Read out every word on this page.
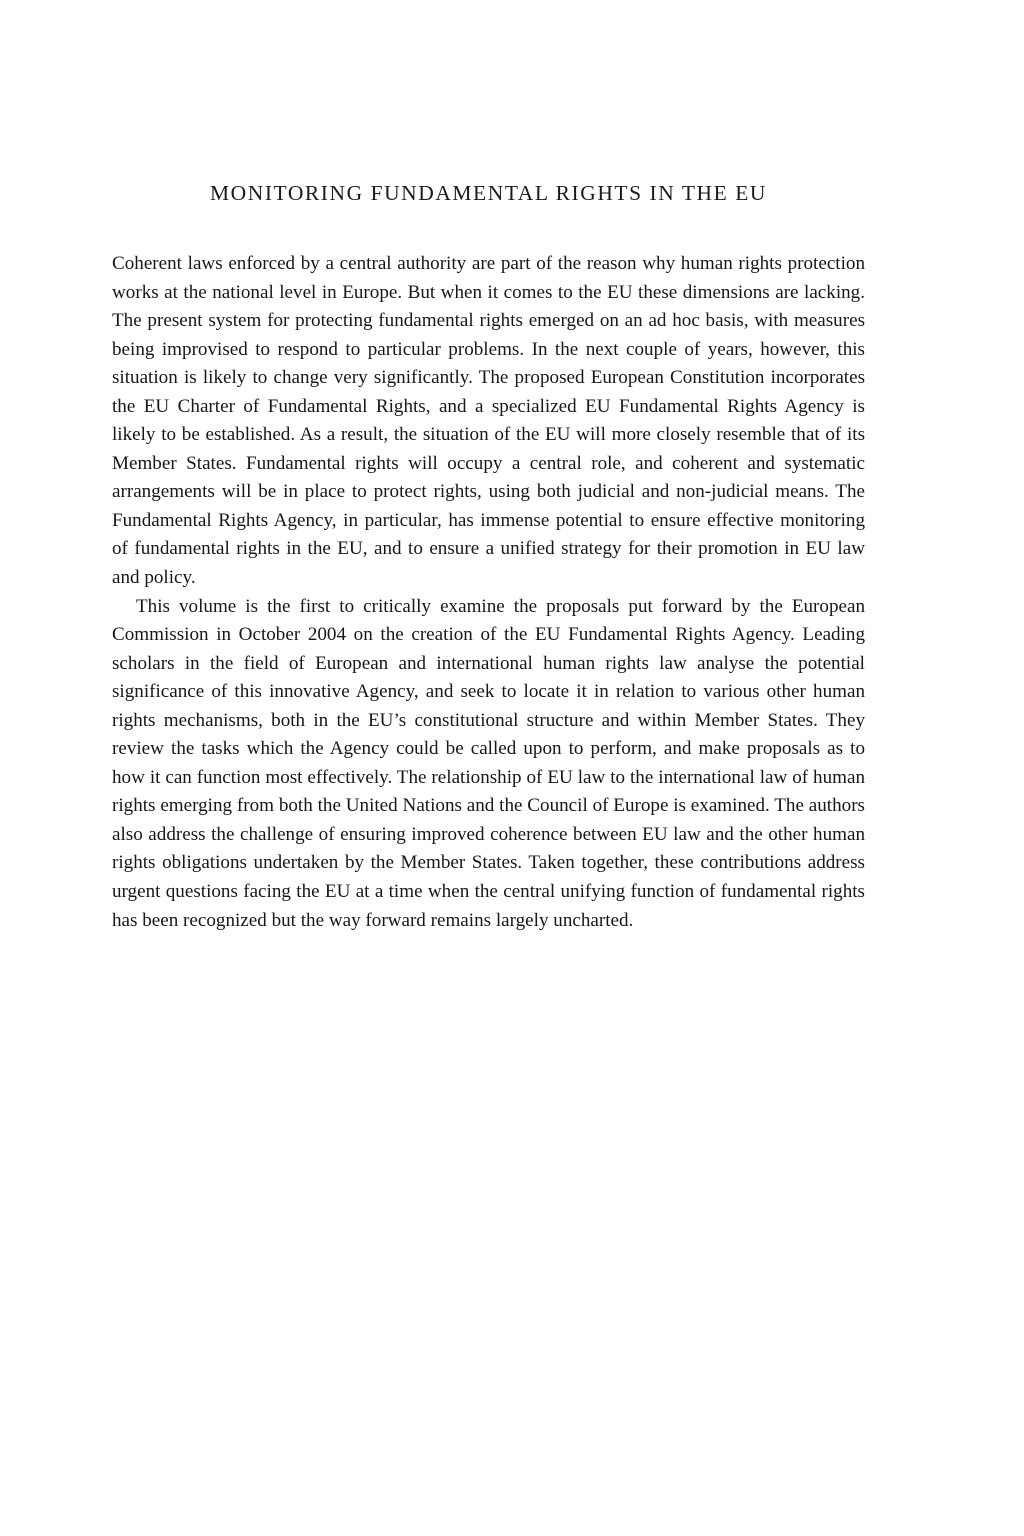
MONITORING FUNDAMENTAL RIGHTS IN THE EU

Coherent laws enforced by a central authority are part of the reason why human rights protection works at the national level in Europe. But when it comes to the EU these dimensions are lacking. The present system for protecting fundamental rights emerged on an ad hoc basis, with measures being improvised to respond to particular problems. In the next couple of years, however, this situation is likely to change very significantly. The proposed European Constitution incorporates the EU Charter of Fundamental Rights, and a specialized EU Fundamental Rights Agency is likely to be established. As a result, the situation of the EU will more closely resemble that of its Member States. Fundamental rights will occupy a central role, and coherent and systematic arrangements will be in place to protect rights, using both judicial and non-judicial means. The Fundamental Rights Agency, in particular, has immense potential to ensure effective monitoring of fundamental rights in the EU, and to ensure a unified strategy for their promotion in EU law and policy.

This volume is the first to critically examine the proposals put forward by the European Commission in October 2004 on the creation of the EU Fundamental Rights Agency. Leading scholars in the field of European and international human rights law analyse the potential significance of this innovative Agency, and seek to locate it in relation to various other human rights mechanisms, both in the EU’s constitutional structure and within Member States. They review the tasks which the Agency could be called upon to perform, and make proposals as to how it can function most effectively. The relationship of EU law to the international law of human rights emerging from both the United Nations and the Council of Europe is examined. The authors also address the challenge of ensuring improved coherence between EU law and the other human rights obligations undertaken by the Member States. Taken together, these contributions address urgent questions facing the EU at a time when the central unifying function of fundamental rights has been recognized but the way forward remains largely uncharted.
